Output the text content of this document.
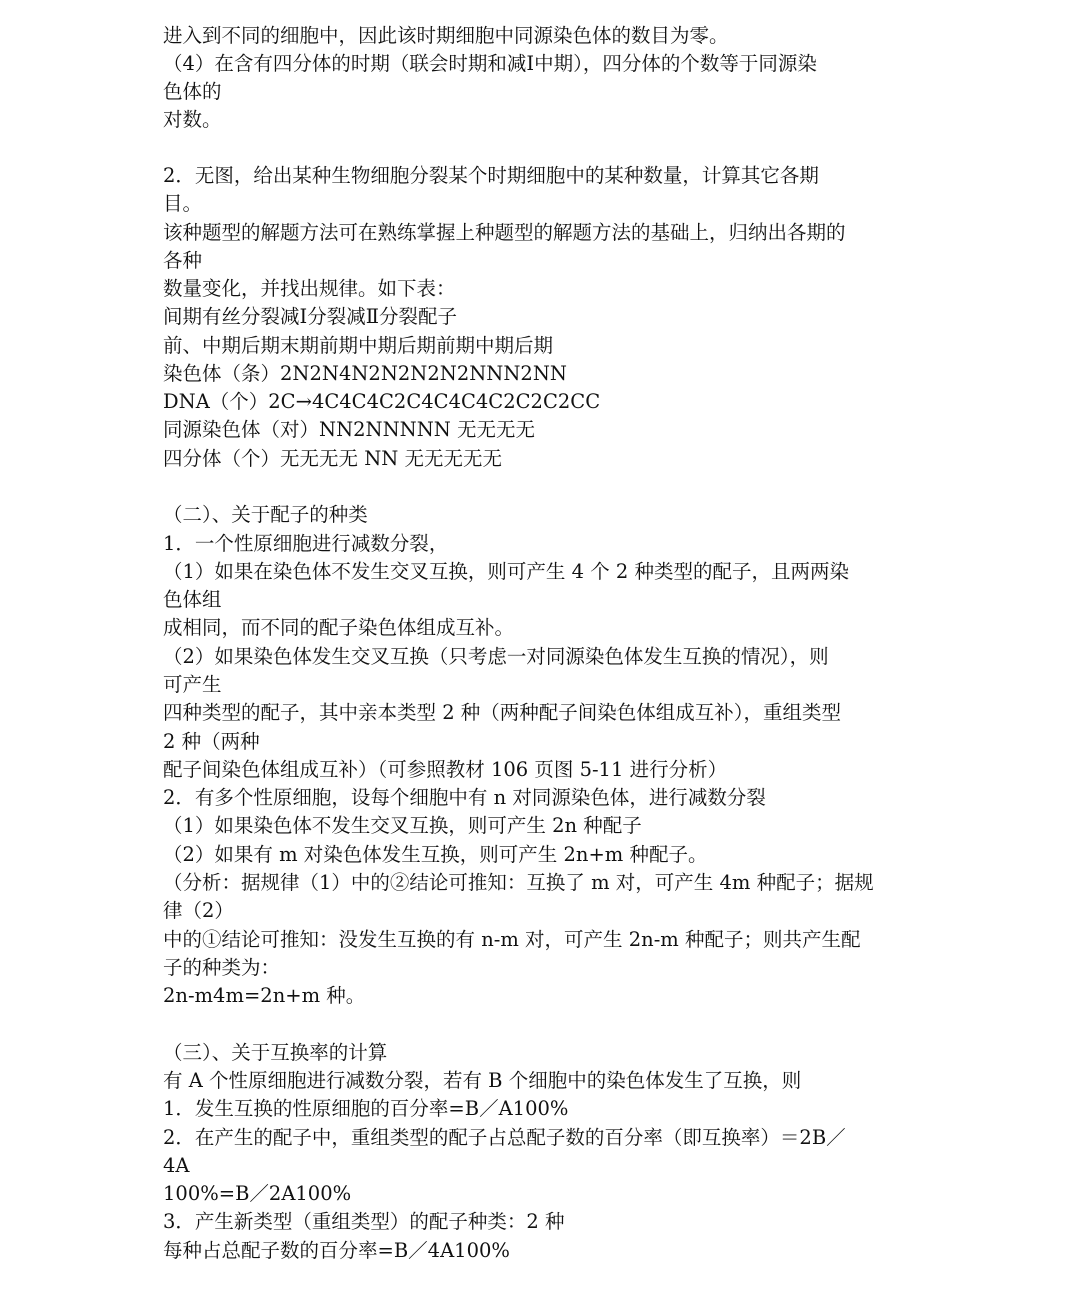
进入到不同的细胞中，因此该时期细胞中同源染色体的数目为零。
（4）在含有四分体的时期（联会时期和减Ⅰ中期），四分体的个数等于同源染
色体的
对数。
2．无图，给出某种生物细胞分裂某个时期细胞中的某种数量，计算其它各期
目。
该种题型的解题方法可在熟练掌握上种题型的解题方法的基础上，归纳出各期的
各种
数量变化，并找出规律。如下表：
间期有丝分裂减Ⅰ分裂减Ⅱ分裂配子
前、中期后期末期前期中期后期前期中期后期
染色体（条）2N2N4N2N2N2N2NNN2NN
DNA（个）2C→4C4C4C2C4C4C4C2C2C2CC
同源染色体（对）NN2NNNNN 无无无无
四分体（个）无无无无 NN 无无无无无
（二）、关于配子的种类
1．一个性原细胞进行减数分裂，
（1）如果在染色体不发生交叉互换，则可产生 4 个 2 种类型的配子，且两两染
色体组
成相同，而不同的配子染色体组成互补。
（2）如果染色体发生交叉互换（只考虑一对同源染色体发生互换的情况），则
可产生
四种类型的配子，其中亲本类型 2 种（两种配子间染色体组成互补），重组类型
2 种（两种
配子间染色体组成互补）（可参照教材 106 页图 5-11 进行分析）
2．有多个性原细胞，设每个细胞中有 n 对同源染色体，进行减数分裂
（1）如果染色体不发生交叉互换，则可产生 2n 种配子
（2）如果有 m 对染色体发生互换，则可产生 2n+m 种配子。
（分析：据规律（1）中的②结论可推知：互换了 m 对，可产生 4m 种配子；据规
律（2）
中的①结论可推知：没发生互换的有 n-m 对，可产生 2n-m 种配子；则共产生配
子的种类为：
2n-m4m=2n+m 种。
（三）、关于互换率的计算
有 A 个性原细胞进行减数分裂，若有 B 个细胞中的染色体发生了互换，则
1．发生互换的性原细胞的百分率=B／A100%
2．在产生的配子中，重组类型的配子占总配子数的百分率（即互换率）＝2B／
4A
100%=B／2A100%
3．产生新类型（重组类型）的配子种类：2 种
每种占总配子数的百分率=B／4A100%
